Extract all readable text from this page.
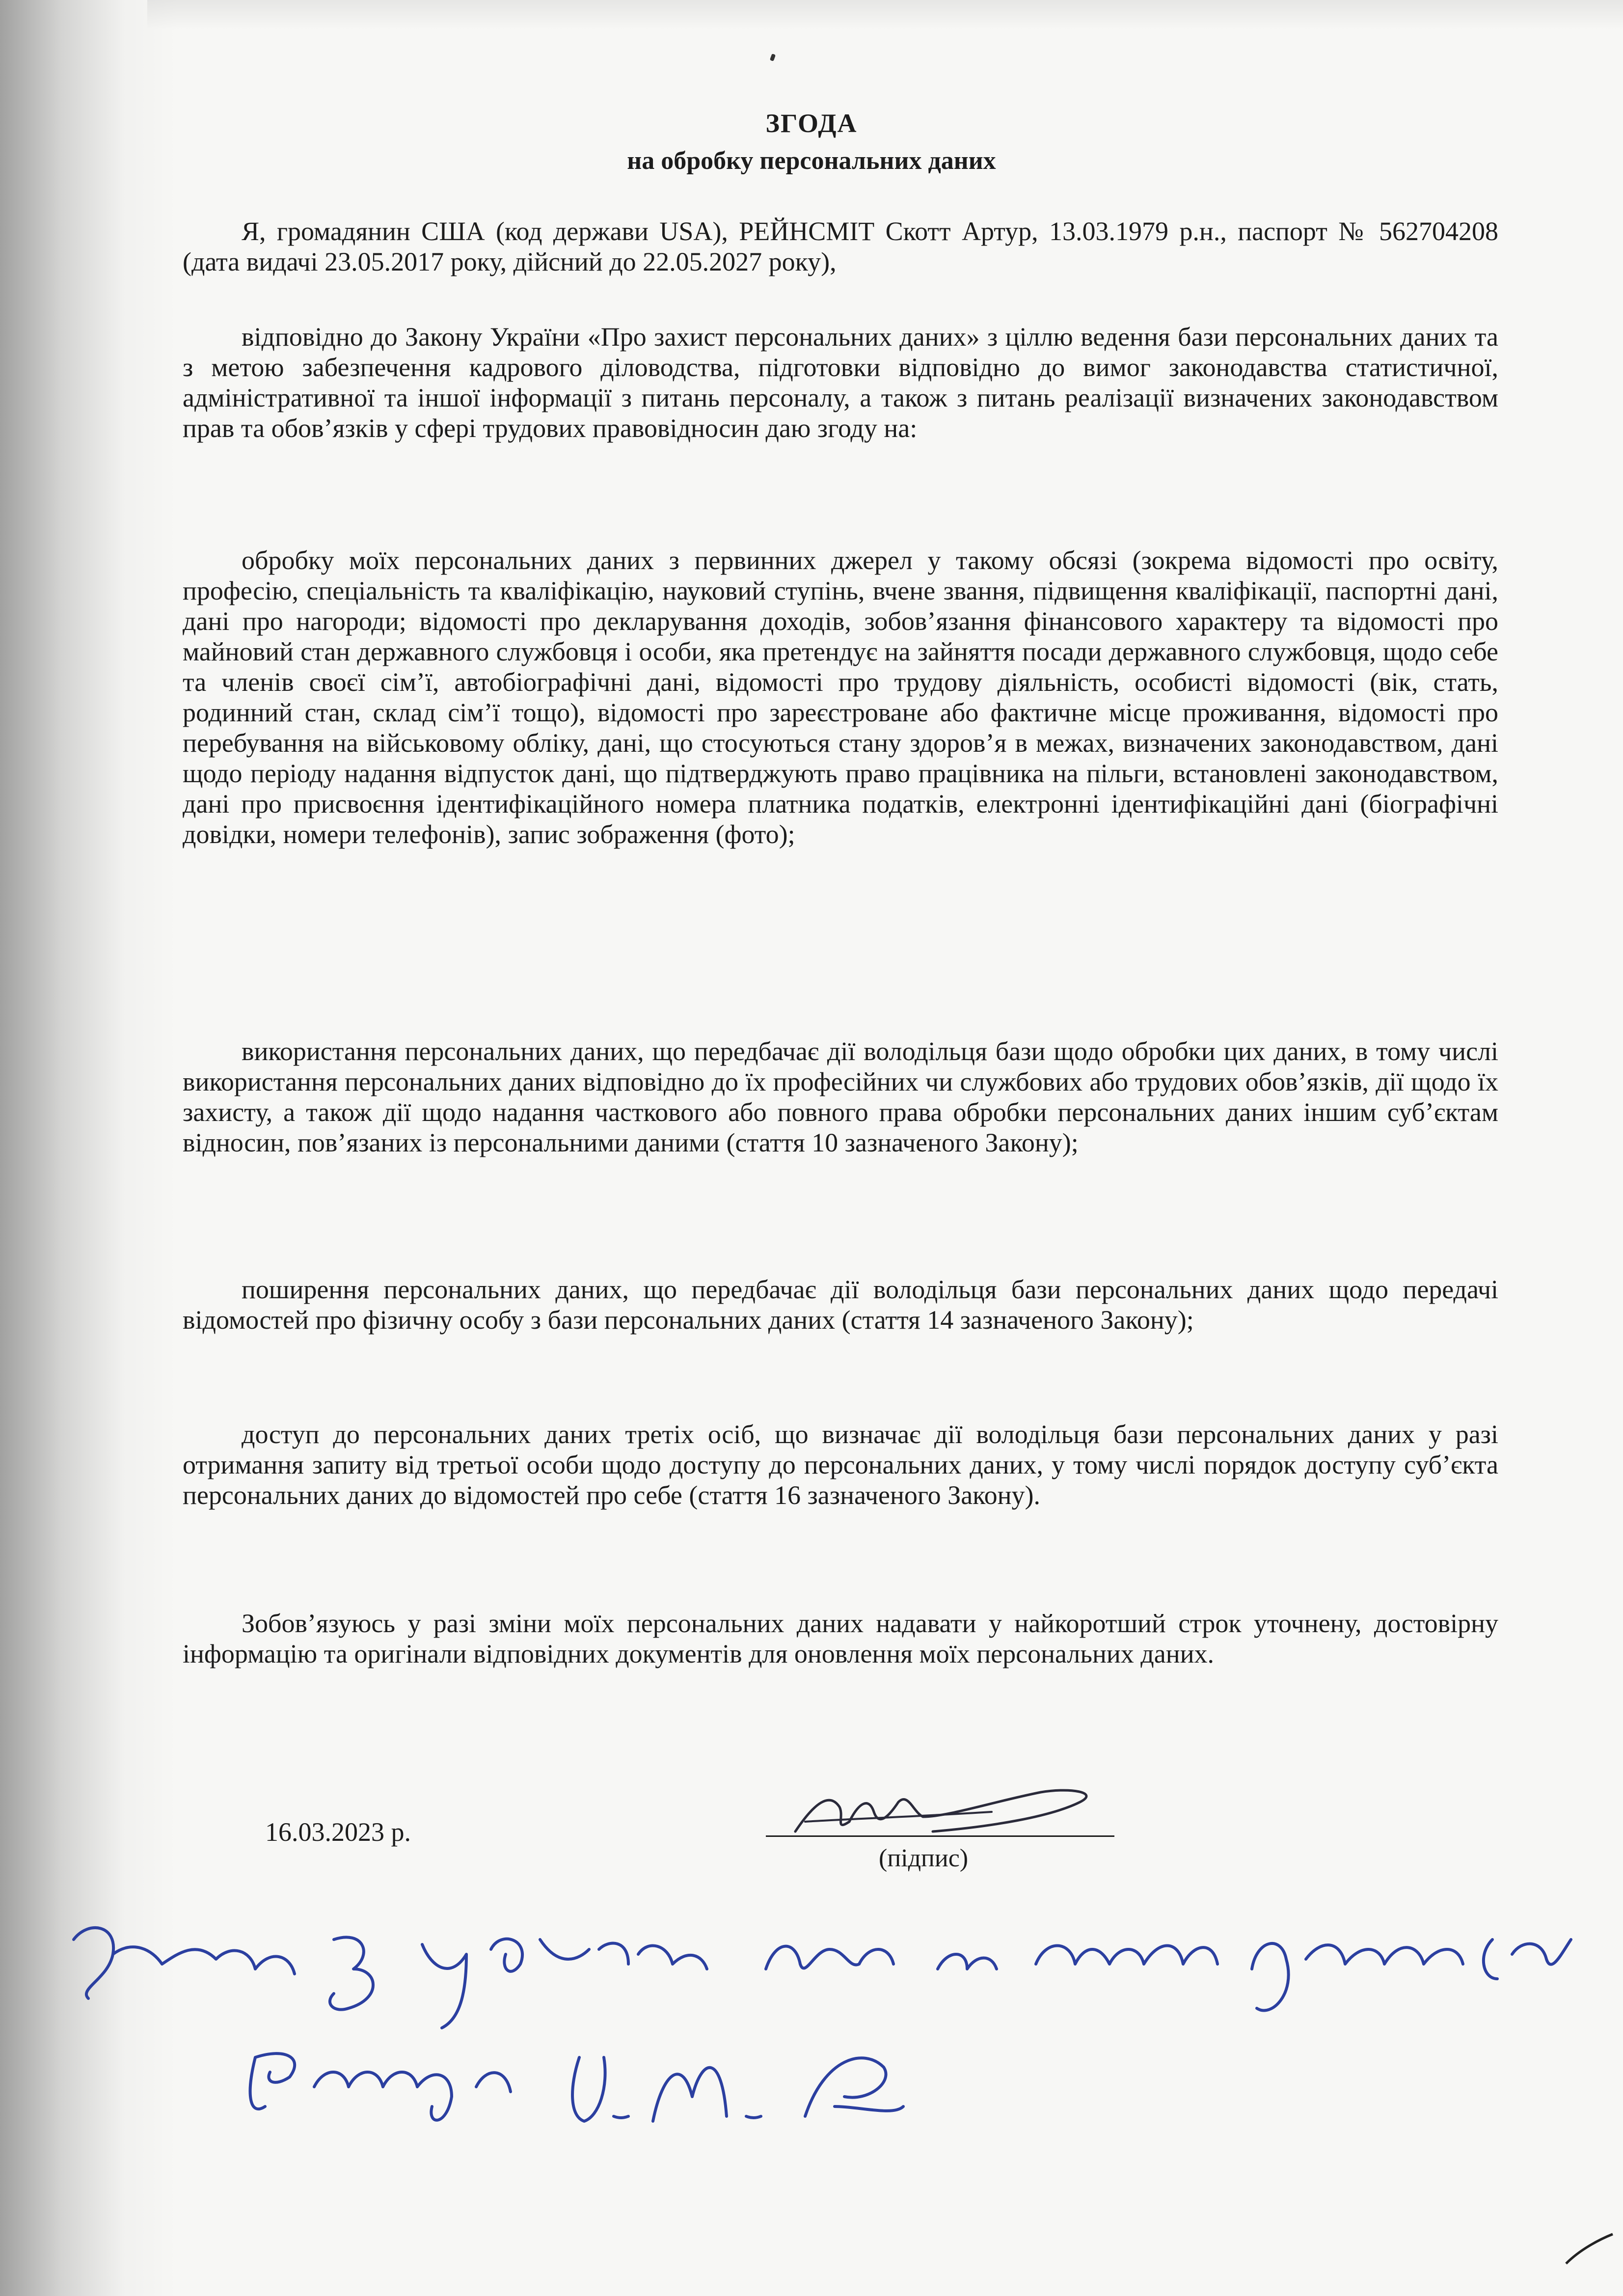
ЗГОДА
на обробку персональних даних

Я, громадянин США (код держави USA), РЕЙНСМІТ Скотт Артур, 13.03.1979 р.н., паспорт № 562704208 (дата видачі 23.05.2017 року, дійсний до 22.05.2027 року),

відповідно до Закону України «Про захист персональних даних» з ціллю ведення бази персональних даних та з метою забезпечення кадрового діловодства, підготовки відповідно до вимог законодавства статистичної, адміністративної та іншої інформації з питань персоналу, а також з питань реалізації визначених законодавством прав та обов’язків у сфері трудових правовідносин даю згоду на:

обробку моїх персональних даних з первинних джерел у такому обсязі (зокрема відомості про освіту, професію, спеціальність та кваліфікацію, науковий ступінь, вчене звання, підвищення кваліфікації, паспортні дані, дані про нагороди; відомості про декларування доходів, зобов’язання фінансового характеру та відомості про майновий стан державного службовця і особи, яка претендує на зайняття посади державного службовця, щодо себе та членів своєї сім’ї, автобіографічні дані, відомості про трудову діяльність, особисті відомості (вік, стать, родинний стан, склад сім’ї тощо), відомості про зареєстроване або фактичне місце проживання, відомості про перебування на військовому обліку, дані, що стосуються стану здоров’я в межах, визначених законодавством, дані щодо періоду надання відпусток дані, що підтверджують право працівника на пільги, встановлені законодавством, дані про присвоєння ідентифікаційного номера платника податків, електронні ідентифікаційні дані (біографічні довідки, номери телефонів), запис зображення (фото);

використання персональних даних, що передбачає дії володільця бази щодо обробки цих даних, в тому числі використання персональних даних відповідно до їх професійних чи службових або трудових обов’язків, дії щодо їх захисту, а також дії щодо надання часткового або повного права обробки персональних даних іншим суб’єктам відносин, пов’язаних із персональними даними (стаття 10 зазначеного Закону);

поширення персональних даних, що передбачає дії володільця бази персональних даних щодо передачі відомостей про фізичну особу з бази персональних даних (стаття 14 зазначеного Закону);

доступ до персональних даних третіх осіб, що визначає дії володільця бази персональних даних у разі отримання запиту від третьої особи щодо доступу до персональних даних, у тому числі порядок доступу суб’єкта персональних даних до відомостей про себе (стаття 16 зазначеного Закону).

Зобов’язуюсь у разі зміни моїх персональних даних надавати у найкоротший строк уточнену, достовірну інформацію та оригінали відповідних документів для оновлення моїх персональних даних.

16.03.2023 р.
(підпис)
